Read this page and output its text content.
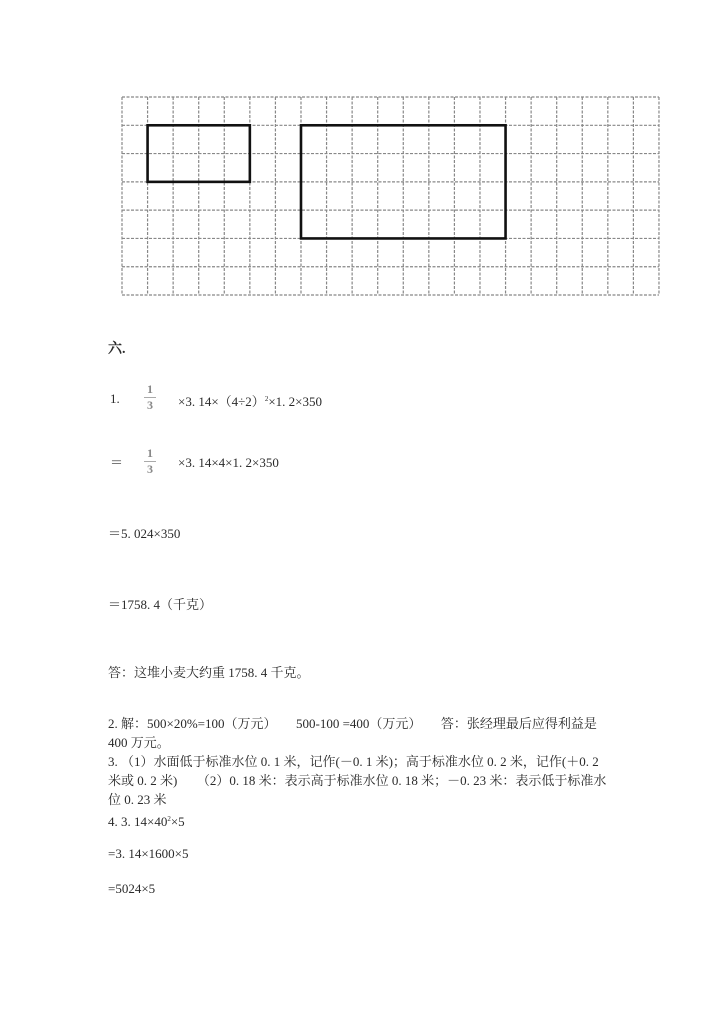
六.
1.
1
3 ×3. $14\times(4\div 2)^2\times 1$. 2×350
＝
1
3 ×3. 14×4×1. 2×350
＝5. 024×350
＝1758. 4（千克）
答：这堆小麦大约重 1758. 4 千克。
2. 解：500×20%=100（万元）　　500-100 =400（万元）　　答：张经理最后应得利益是 400 万元。
3. （1）水面低于标准水位 0. 1 米，记作(－0. 1 米)；高于标准水位 0. 2 米，记作(＋0. 2 米或 0. 2 米)　　（2）0. 18 米：表示高于标准水位 0. 18 米；－0. 23 米：表示低于标准水位 0. 23 米
4. 3. $14\times 40^2\times 5$
=3. 14×1600×5
=5024×5
